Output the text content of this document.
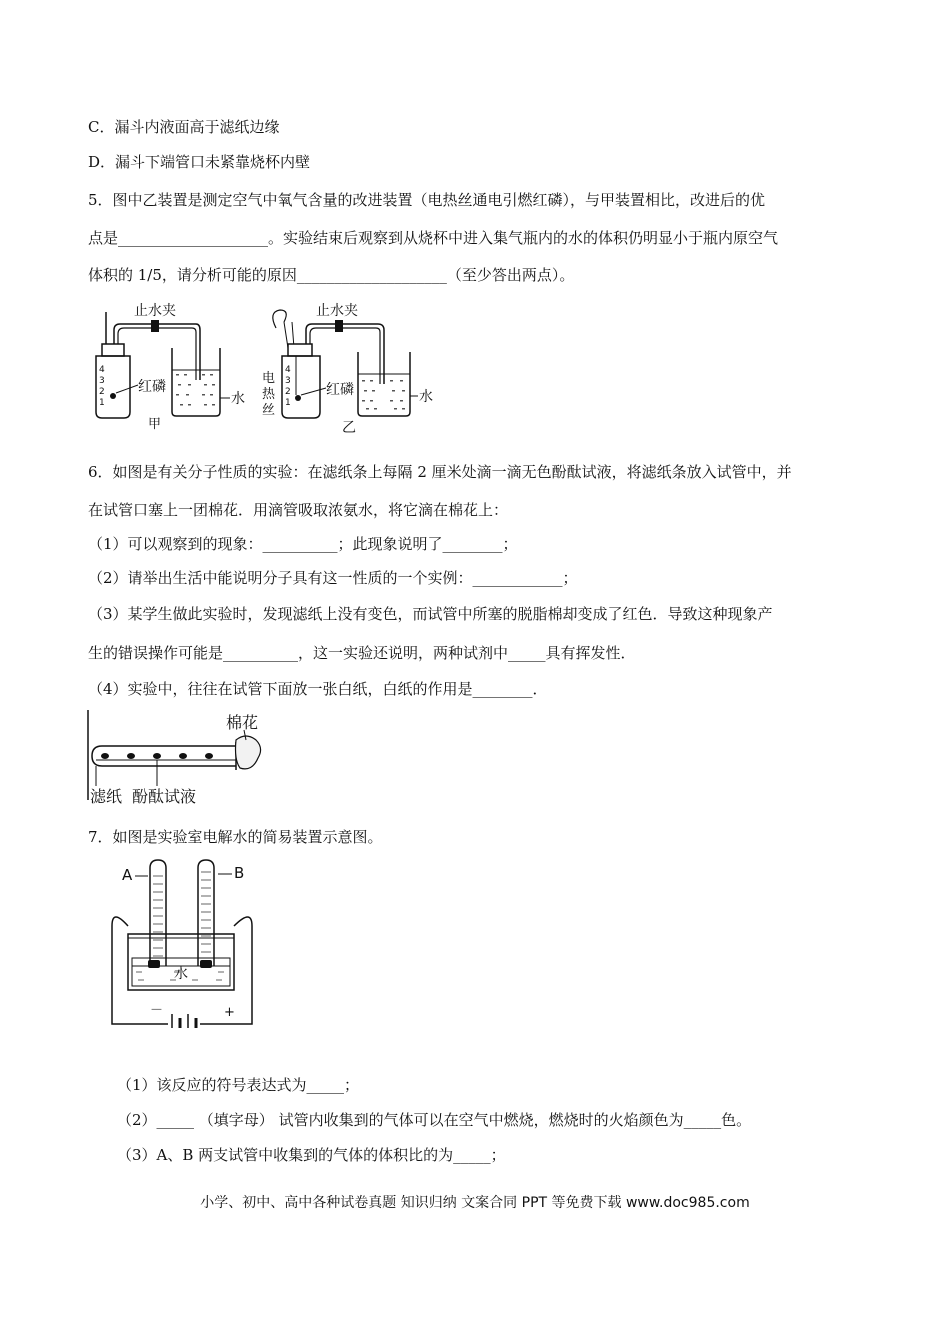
C．漏斗内液面高于滤纸边缘
D．漏斗下端管口未紧靠烧杯内壁
5．图中乙装置是测定空气中氧气含量的改进装置（电热丝通电引燃红磷），与甲装置相比，改进后的优
点是____________________。实验结束后观察到从烧杯中进入集气瓶内的水的体积仍明显小于瓶内原空气
体积的 1/5，请分析可能的原因____________________（至少答出两点）。
止水夹
4
3
2
1
红磷
水
甲
止水夹
4
3
2
1
红磷
电
热
丝
水
乙
6．如图是有关分子性质的实验：在滤纸条上每隔 2 厘米处滴一滴无色酚酞试液，将滤纸条放入试管中，并
在试管口塞上一团棉花．用滴管吸取浓氨水，将它滴在棉花上：
（1）可以观察到的现象：__________；此现象说明了________；
（2）请举出生活中能说明分子具有这一性质的一个实例：____________；
（3）某学生做此实验时，发现滤纸上没有变色，而试管中所塞的脱脂棉却变成了红色．导致这种现象产
生的错误操作可能是__________，这一实验还说明，两种试剂中_____具有挥发性．
（4）实验中，往往在试管下面放一张白纸，白纸的作用是________．
棉花
滤纸 酚酞试液
7．如图是实验室电解水的简易装置示意图。
A	B
水
－	+
（1）该反应的符号表达式为_____；
（2）_____ （填字母） 试管内收集到的气体可以在空气中燃烧，燃烧时的火焰颜色为_____色。
（3）A、B 两支试管中收集到的气体的体积比的为_____；
小学、初中、高中各种试卷真题 知识归纳 文案合同 PPT 等免费下载 www.doc985.com
